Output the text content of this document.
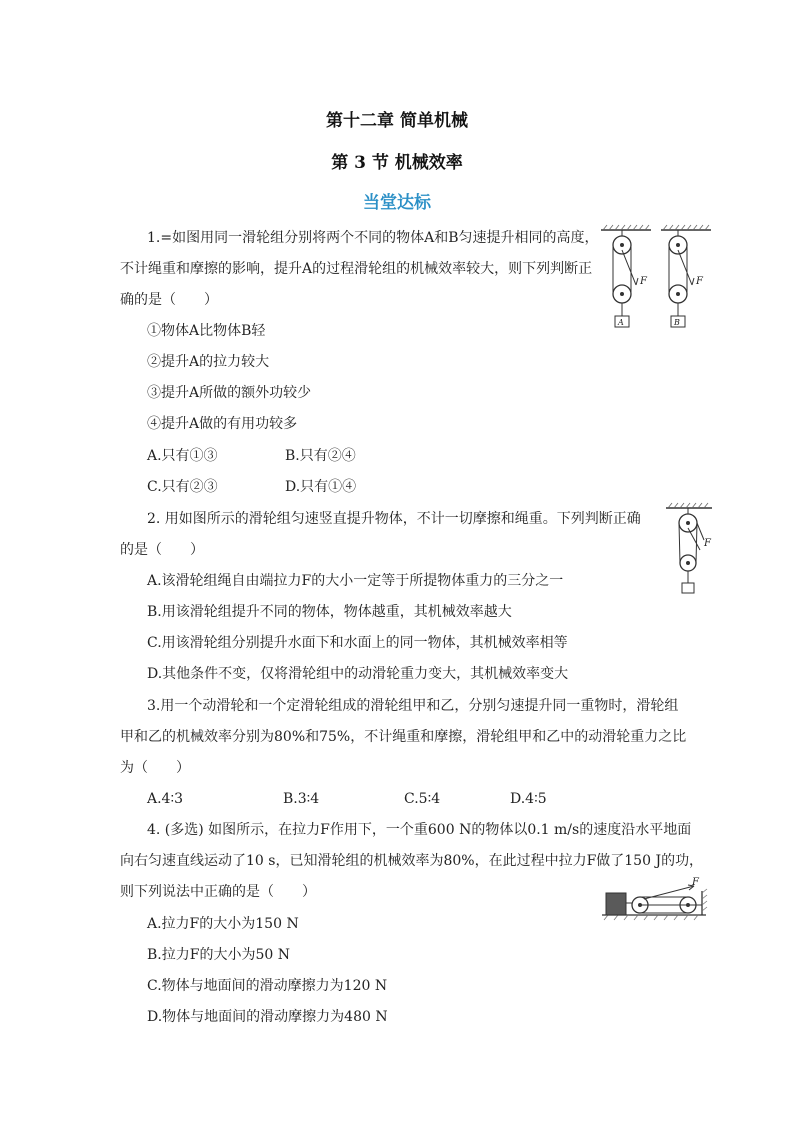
第十二章 简单机械
第 3 节 机械效率
当堂达标
1.=如图用同一滑轮组分别将两个不同的物体A和B匀速提升相同的高度，
不计绳重和摩擦的影响，提升A的过程滑轮组的机械效率较大，则下列判断正
确的是（　　）
①物体A比物体B轻
②提升A的拉力较大
③提升A所做的额外功较少
④提升A做的有用功较多
A.只有①③	B.只有②④
C.只有②③	D.只有①④
F
A
F
B
2. 用如图所示的滑轮组匀速竖直提升物体，不计一切摩擦和绳重。下列判断正确
的是（　　）
A.该滑轮组绳自由端拉力F的大小一定等于所提物体重力的三分之一
B.用该滑轮组提升不同的物体，物体越重，其机械效率越大
C.用该滑轮组分别提升水面下和水面上的同一物体，其机械效率相等
D.其他条件不变，仅将滑轮组中的动滑轮重力变大，其机械效率变大
F
3.用一个动滑轮和一个定滑轮组成的滑轮组甲和乙，分别匀速提升同一重物时，滑轮组
甲和乙的机械效率分别为80%和75%，不计绳重和摩擦，滑轮组甲和乙中的动滑轮重力之比
为（　　）
A.4∶3	B.3∶4	C.5∶4	D.4∶5
4. (多选) 如图所示，在拉力F作用下，一个重600 N的物体以0.1 m/s的速度沿水平地面
向右匀速直线运动了10 s，已知滑轮组的机械效率为80%，在此过程中拉力F做了150 J的功，
则下列说法中正确的是（　　）
A.拉力F的大小为150 N
B.拉力F的大小为50 N
C.物体与地面间的滑动摩擦力为120 N
D.物体与地面间的滑动摩擦力为480 N
F
